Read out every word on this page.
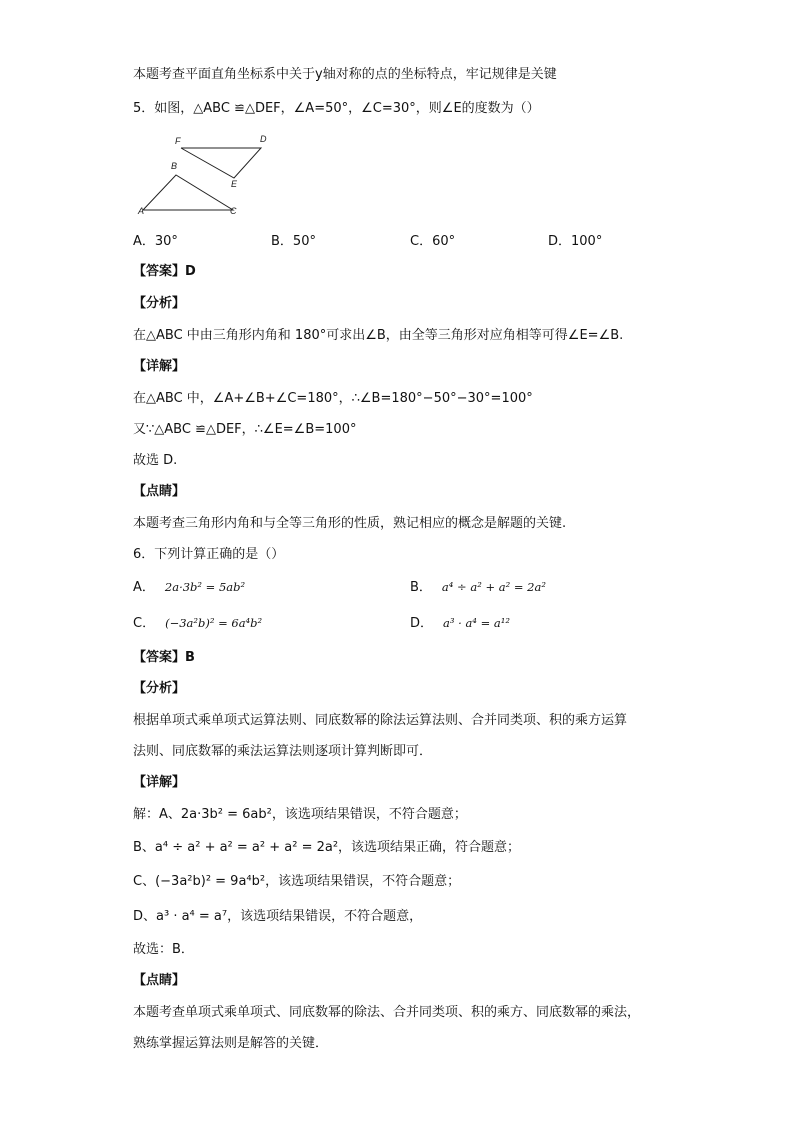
本题考查平面直角坐标系中关于y轴对称的点的坐标特点，牢记规律是关键
5．如图，△ABC ≌△DEF，∠A=50°，∠C=30°，则∠E的度数为（）
F	D
B
E
A	C
A．30°	B．50°	C．60°	D．100°
【答案】D
【分析】
在△ABC 中由三角形内角和 180°可求出∠B，由全等三角形对应角相等可得∠E=∠B.
【详解】
在△ABC 中，∠A+∠B+∠C=180°，∴∠B=180°−50°−30°=100°
又∵△ABC ≌△DEF，∴∠E=∠B=100°
故选 D.
【点睛】
本题考查三角形内角和与全等三角形的性质，熟记相应的概念是解题的关键.
6．下列计算正确的是（）
A． 2a·3b² = 5ab²	B． a⁴ ÷ a² + a² = 2a²
C． (−3a²b)² = 6a⁴b²	D． a³ · a⁴ = a¹²
【答案】B
【分析】
根据单项式乘单项式运算法则、同底数幂的除法运算法则、合并同类项、积的乘方运算
法则、同底数幂的乘法运算法则逐项计算判断即可．
【详解】
解：A、2a·3b² = 6ab²，该选项结果错误，不符合题意；
B、a⁴ ÷ a² + a² = a² + a² = 2a²，该选项结果正确，符合题意；
C、(−3a²b)² = 9a⁴b²，该选项结果错误，不符合题意；
D、a³ · a⁴ = a⁷，该选项结果错误，不符合题意，
故选：B．
【点睛】
本题考查单项式乘单项式、同底数幂的除法、合并同类项、积的乘方、同底数幂的乘法，
熟练掌握运算法则是解答的关键．
